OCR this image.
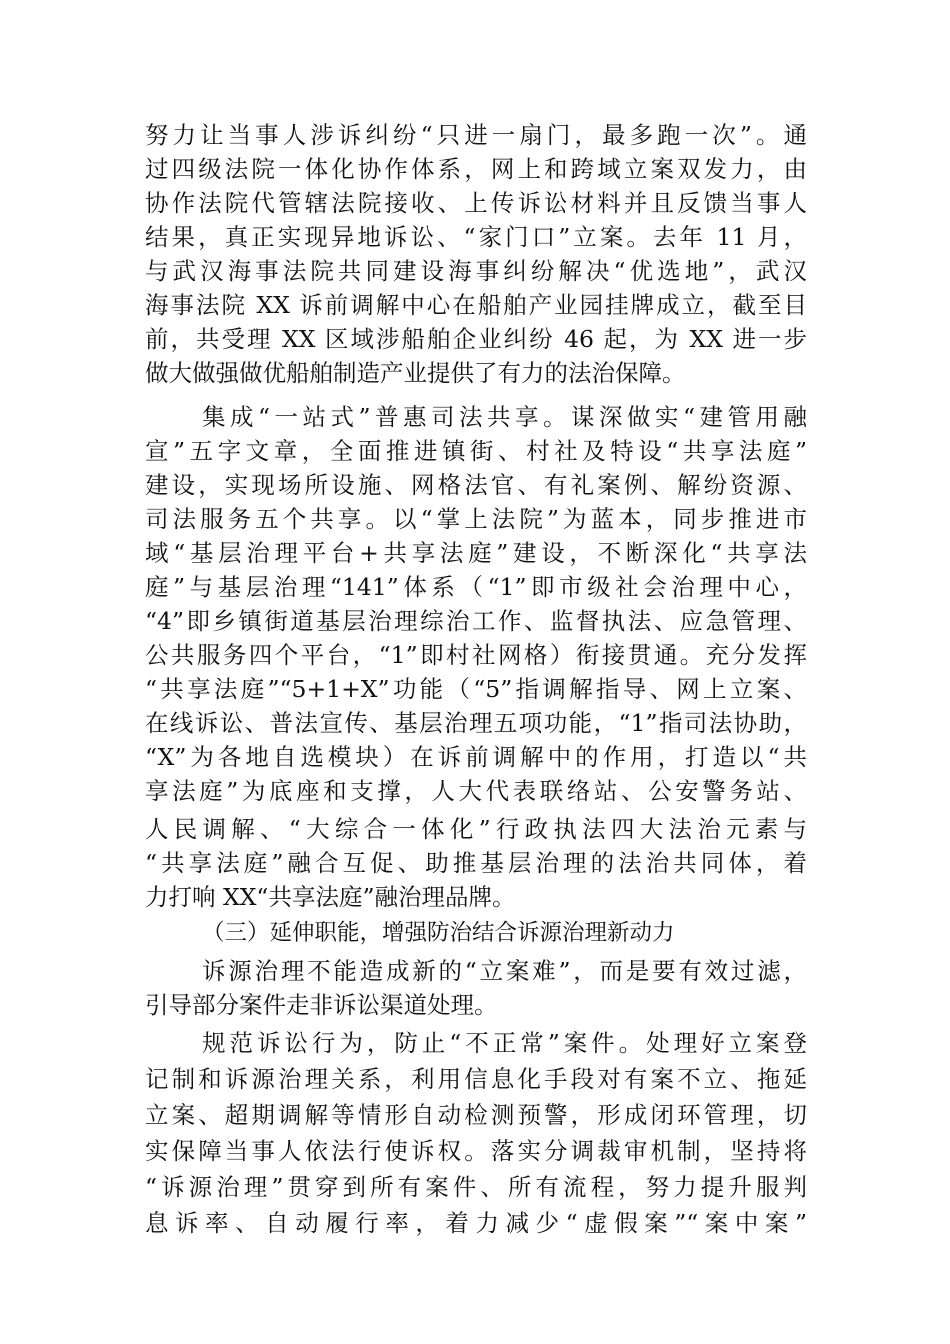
努力让当事人涉诉纠纷“只进一扇门，最多跑一次”。通
过四级法院一体化协作体系，网上和跨域立案双发力，由
协作法院代管辖法院接收、上传诉讼材料并且反馈当事人
结果，真正实现异地诉讼、“家门口”立案。去年 11 月，
与武汉海事法院共同建设海事纠纷解决“优选地”，武汉
海事法院 XX 诉前调解中心在船舶产业园挂牌成立，截至目
前，共受理 XX 区域涉船舶企业纠纷 46 起，为 XX 进一步
做大做强做优船舶制造产业提供了有力的法治保障。
集成“一站式”普惠司法共享。谋深做实“建管用融
宣”五字文章，全面推进镇街、村社及特设“共享法庭”
建设，实现场所设施、网格法官、有礼案例、解纷资源、
司法服务五个共享。以“掌上法院”为蓝本，同步推进市
域“基层治理平台+共享法庭”建设，不断深化“共享法
庭”与基层治理“141”体系（“1”即市级社会治理中心，
“4”即乡镇街道基层治理综治工作、监督执法、应急管理、
公共服务四个平台，“1”即村社网格）衔接贯通。充分发挥
“共享法庭”“5+1+X”功能（“5”指调解指导、网上立案、
在线诉讼、普法宣传、基层治理五项功能，“1”指司法协助，
“X”为各地自选模块）在诉前调解中的作用，打造以“共
享法庭”为底座和支撑，人大代表联络站、公安警务站、
人民调解、“大综合一体化”行政执法四大法治元素与
“共享法庭”融合互促、助推基层治理的法治共同体，着
力打响 XX“共享法庭”融治理品牌。
（三）延伸职能，增强防治结合诉源治理新动力
诉源治理不能造成新的“立案难”，而是要有效过滤，
引导部分案件走非诉讼渠道处理。
规范诉讼行为，防止“不正常”案件。处理好立案登
记制和诉源治理关系，利用信息化手段对有案不立、拖延
立案、超期调解等情形自动检测预警，形成闭环管理，切
实保障当事人依法行使诉权。落实分调裁审机制，坚持将
“诉源治理”贯穿到所有案件、所有流程，努力提升服判
息诉率、自动履行率，着力减少“虚假案”“案中案”
